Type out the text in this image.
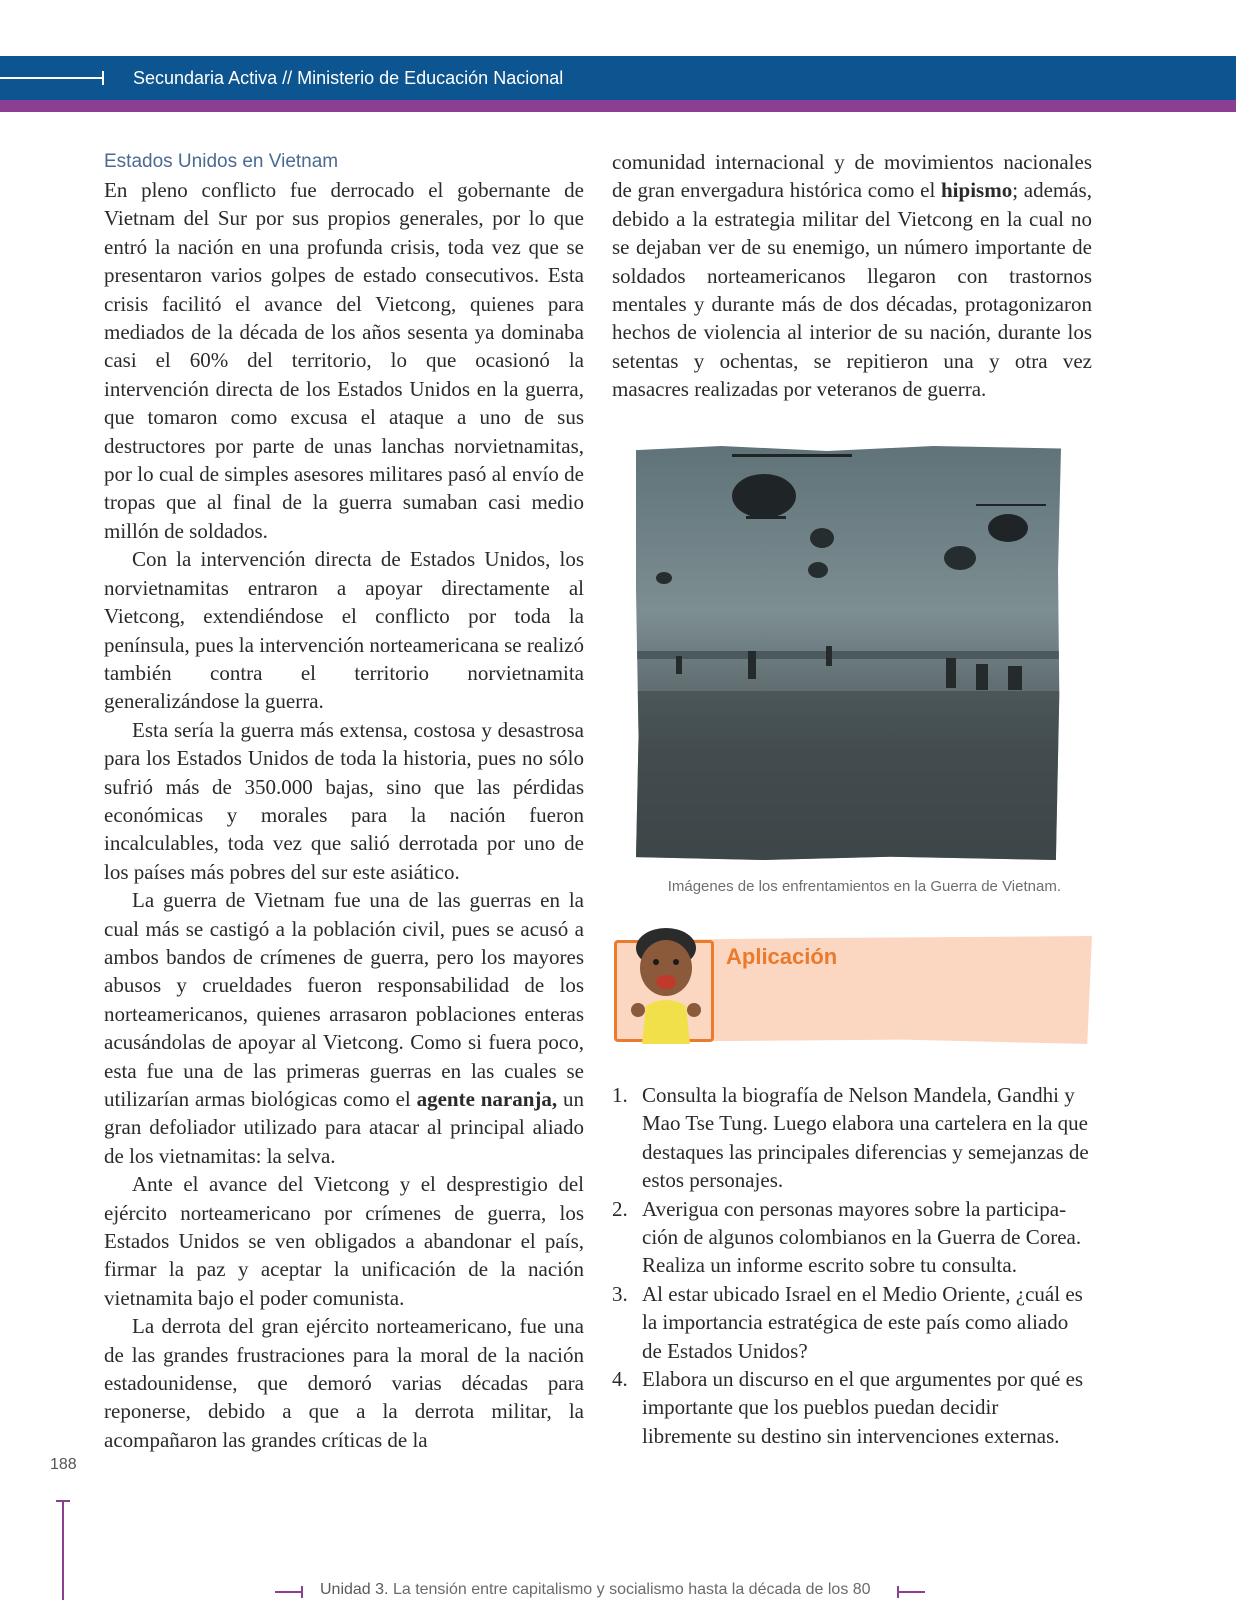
Secundaria Activa // Ministerio de Educación Nacional
Estados Unidos en Vietnam

En pleno conflicto fue derrocado el gobernante de Vietnam del Sur por sus propios generales, por lo que entró la nación en una profunda crisis, toda vez que se presentaron varios golpes de estado consecutivos. Esta crisis facilitó el avance del Vietcong, quienes para mediados de la década de los años sesenta ya dominaba casi el 60% del territorio, lo que ocasionó la intervención directa de los Estados Unidos en la guerra, que tomaron como excusa el ataque a uno de sus destructores por parte de unas lanchas norvietnamitas, por lo cual de simples asesores militares pasó al envío de tropas que al final de la guerra sumaban casi medio millón de soldados.

Con la intervención directa de Estados Unidos, los norvietnamitas entraron a apoyar directamente al Vietcong, extendiéndose el conflicto por toda la península, pues la intervención norteamericana se realizó también contra el territorio norvietnamita generalizándose la guerra.

Esta sería la guerra más extensa, costosa y desastrosa para los Estados Unidos de toda la historia, pues no sólo sufrió más de 350.000 bajas, sino que las pérdidas económicas y morales para la nación fueron incalculables, toda vez que salió derrotada por uno de los países más pobres del sur este asiático.

La guerra de Vietnam fue una de las guerras en la cual más se castigó a la población civil, pues se acusó a ambos bandos de crímenes de guerra, pero los mayores abusos y crueldades fueron responsabilidad de los norteamericanos, quienes arrasaron poblaciones enteras acusándolas de apoyar al Vietcong. Como si fuera poco, esta fue una de las primeras guerras en las cuales se utilizarían armas biológicas como el agente naranja, un gran defoliador utilizado para atacar al principal aliado de los vietnamitas: la selva.

Ante el avance del Vietcong y el desprestigio del ejército norteamericano por crímenes de guerra, los Estados Unidos se ven obligados a abandonar el país, firmar la paz y aceptar la unificación de la nación vietnamita bajo el poder comunista.

La derrota del gran ejército norteamericano, fue una de las grandes frustraciones para la moral de la nación estadounidense, que demoró varias décadas para reponerse, debido a que a la derrota militar, la acompañaron las grandes críticas de la

comunidad internacional y de movimientos nacionales de gran envergadura histórica como el hipismo; además, debido a la estrategia militar del Vietcong en la cual no se dejaban ver de su enemigo, un número importante de soldados norteamericanos llegaron con trastornos mentales y durante más de dos décadas, protagonizaron hechos de violencia al interior de su nación, durante los setentas y ochentas, se repitieron una y otra vez masacres realizadas por veteranos de guerra.

Imágenes de los enfrentamientos en la Guerra de Vietnam.
Aplicación
1. Consulta la biografía de Nelson Mandela, Gandhi y Mao Tse Tung. Luego elabora una cartelera en la que destaques las principales diferencias y semejanzas de estos personajes.
2. Averigua con personas mayores sobre la participación de algunos colombianos en la Guerra de Corea. Realiza un informe escrito sobre tu consulta.
3. Al estar ubicado Israel en el Medio Oriente, ¿cuál es la importancia estratégica de este país como aliado de Estados Unidos?
4. Elabora un discurso en el que argumentes por qué es importante que los pueblos puedan decidir libremente su destino sin intervenciones externas.
188
Unidad 3. La tensión entre capitalismo y socialismo hasta la década de los 80
